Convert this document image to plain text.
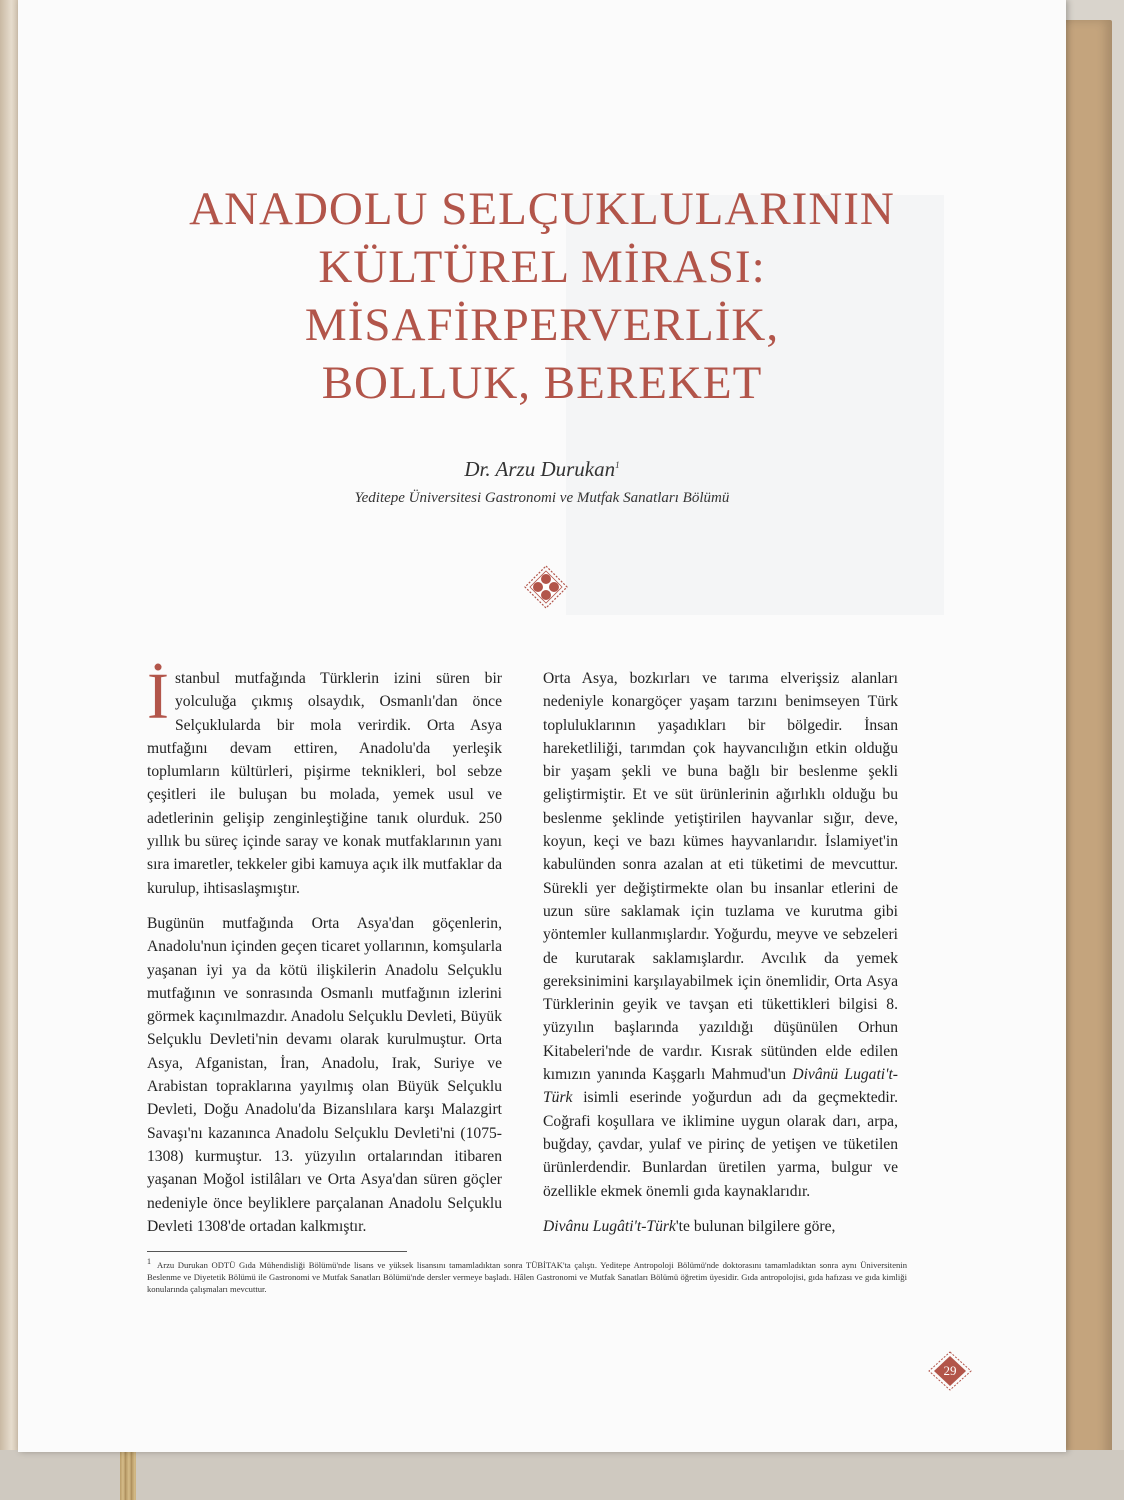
ANADOLU SELÇUKLULARININ
KÜLTÜREL MİRASI:
MİSAFİRPERVERLİK,
BOLLUK, BEREKET
Dr. Arzu Durukan$^1$
Yeditepe Üniversitesi Gastronomi ve Mutfak Sanatları Bölümü

İstanbul mutfağında Türklerin izini süren bir yolculuğa çıkmış olsaydık, Osmanlı'dan önce Selçuklularda bir mola verirdik. Orta Asya mutfağını devam ettiren, Anadolu'da yerleşik toplumların kültürleri, pişirme teknikleri, bol sebze çeşitleri ile buluşan bu molada, yemek usul ve adetlerinin gelişip zenginleştiğine tanık olurduk. 250 yıllık bu süreç içinde saray ve konak mutfaklarının yanı sıra imaretler, tekkeler gibi kamuya açık ilk mutfaklar da kurulup, ihtisaslaşmıştır.

Bugünün mutfağında Orta Asya'dan göçenlerin, Anadolu'nun içinden geçen ticaret yollarının, komşularla yaşanan iyi ya da kötü ilişkilerin Anadolu Selçuklu mutfağının ve sonrasında Osmanlı mutfağının izlerini görmek kaçınılmazdır. Anadolu Selçuklu Devleti, Büyük Selçuklu Devleti'nin devamı olarak kurulmuştur. Orta Asya, Afganistan, İran, Anadolu, Irak, Suriye ve Arabistan topraklarına yayılmış olan Büyük Selçuklu Devleti, Doğu Anadolu'da Bizanslılara karşı Malazgirt Savaşı'nı kazanınca Anadolu Selçuklu Devleti'ni (1075-1308) kurmuştur. 13. yüzyılın ortalarından itibaren yaşanan Moğol istilâları ve Orta Asya'dan süren göçler nedeniyle önce beyliklere parçalanan Anadolu Selçuklu Devleti 1308'de ortadan kalkmıştır.

Orta Asya, bozkırları ve tarıma elverişsiz alanları nedeniyle konargöçer yaşam tarzını benimseyen Türk topluluklarının yaşadıkları bir bölgedir. İnsan hareketliliği, tarımdan çok hayvancılığın etkin olduğu bir yaşam şekli ve buna bağlı bir beslenme şekli geliştirmiştir. Et ve süt ürünlerinin ağırlıklı olduğu bu beslenme şeklinde yetiştirilen hayvanlar sığır, deve, koyun, keçi ve bazı kümes hayvanlarıdır. İslamiyet'in kabulünden sonra azalan at eti tüketimi de mevcuttur. Sürekli yer değiştirmekte olan bu insanlar etlerini de uzun süre saklamak için tuzlama ve kurutma gibi yöntemler kullanmışlardır. Yoğurdu, meyve ve sebzeleri de kurutarak saklamışlardır. Avcılık da yemek gereksinimini karşılayabilmek için önemlidir, Orta Asya Türklerinin geyik ve tavşan eti tükettikleri bilgisi 8. yüzyılın başlarında yazıldığı düşünülen Orhun Kitabeleri'nde de vardır. Kısrak sütünden elde edilen kımızın yanında Kaşgarlı Mahmud'un Divânü Lugati't-Türk isimli eserinde yoğurdun adı da geçmektedir. Coğrafi koşullara ve iklimine uygun olarak darı, arpa, buğday, çavdar, yulaf ve pirinç de yetişen ve tüketilen ürünlerdendir. Bunlardan üretilen yarma, bulgur ve özellikle ekmek önemli gıda kaynaklarıdır.

Divânu Lugâti't-Türk'te bulunan bilgilere göre,

1 Arzu Durukan ODTÜ Gıda Mühendisliği Bölümü'nde lisans ve yüksek lisansını tamamladıktan sonra TÜBİTAK'ta çalıştı. Yeditepe Antropoloji Bölümü'nde doktorasını tamamladıktan sonra aynı Üniversitenin Beslenme ve Diyetetik Bölümü ile Gastronomi ve Mutfak Sanatları Bölümü'nde dersler vermeye başladı. Hâlen Gastronomi ve Mutfak Sanatları Bölümü öğretim üyesidir. Gıda antropolojisi, gıda hafızası ve gıda kimliği konularında çalışmaları mevcuttur.
29
